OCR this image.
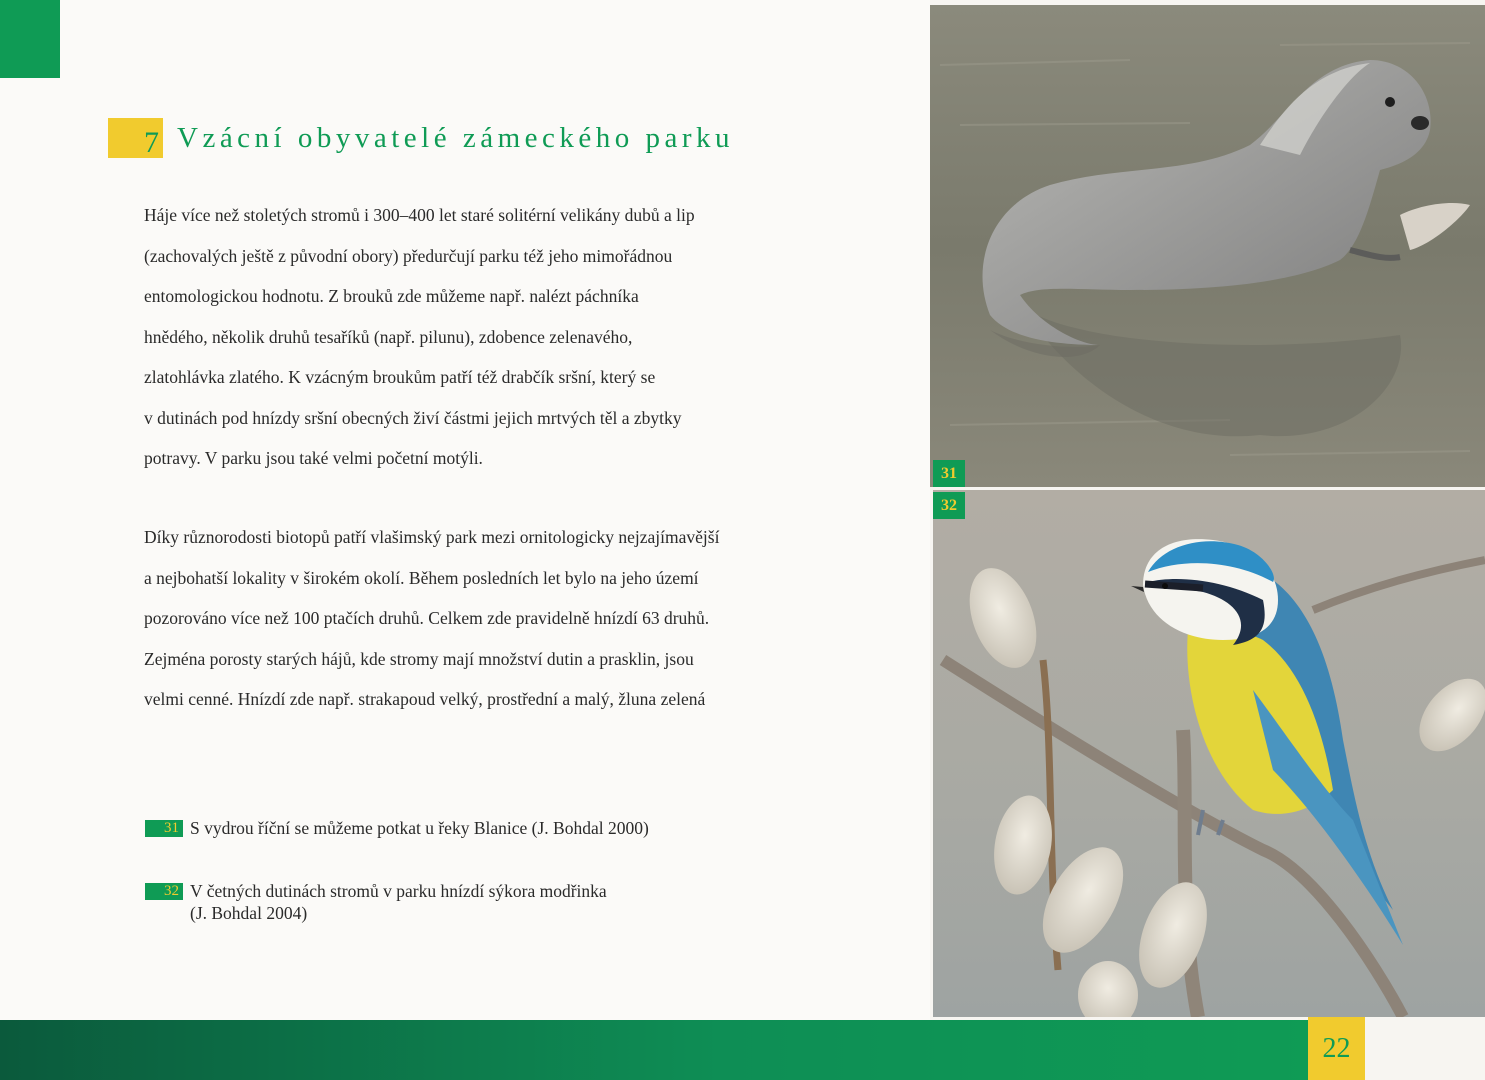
7 Vzácní obyvatelé zámeckého parku

Háje více než stoletých stromů i 300–400 let staré solitérní velikány dubů a lip
(zachovalých ještě z původní obory) předurčují parku též jeho mimořádnou
entomologickou hodnotu. Z brouků zde můžeme např. nalézt páchníka
hnědého, několik druhů tesaříků (např. pilunu), zdobence zelenavého,
zlatohlávka zlatého. K vzácným broukům patří též drabčík sršní, který se
v dutinách pod hnízdy sršní obecných živí částmi jejich mrtvých těl a zbytky
potravy. V parku jsou také velmi početní motýli.

Díky různorodosti biotopů patří vlašimský park mezi ornitologicky nejzajímavější
a nejbohatší lokality v širokém okolí. Během posledních let bylo na jeho území
pozorováno více než 100 ptačích druhů. Celkem zde pravidelně hnízdí 63 druhů.
Zejména porosty starých hájů, kde stromy mají množství dutin a prasklin, jsou
velmi cenné. Hnízdí zde např. strakapoud velký, prostřední a malý, žluna zelená

31 S vydrou říční se můžeme potkat u řeky Blanice (J. Bohdal 2000)
32 V četných dutinách stromů v parku hnízdí sýkora modřinka
(J. Bohdal 2004)
31
32
22
